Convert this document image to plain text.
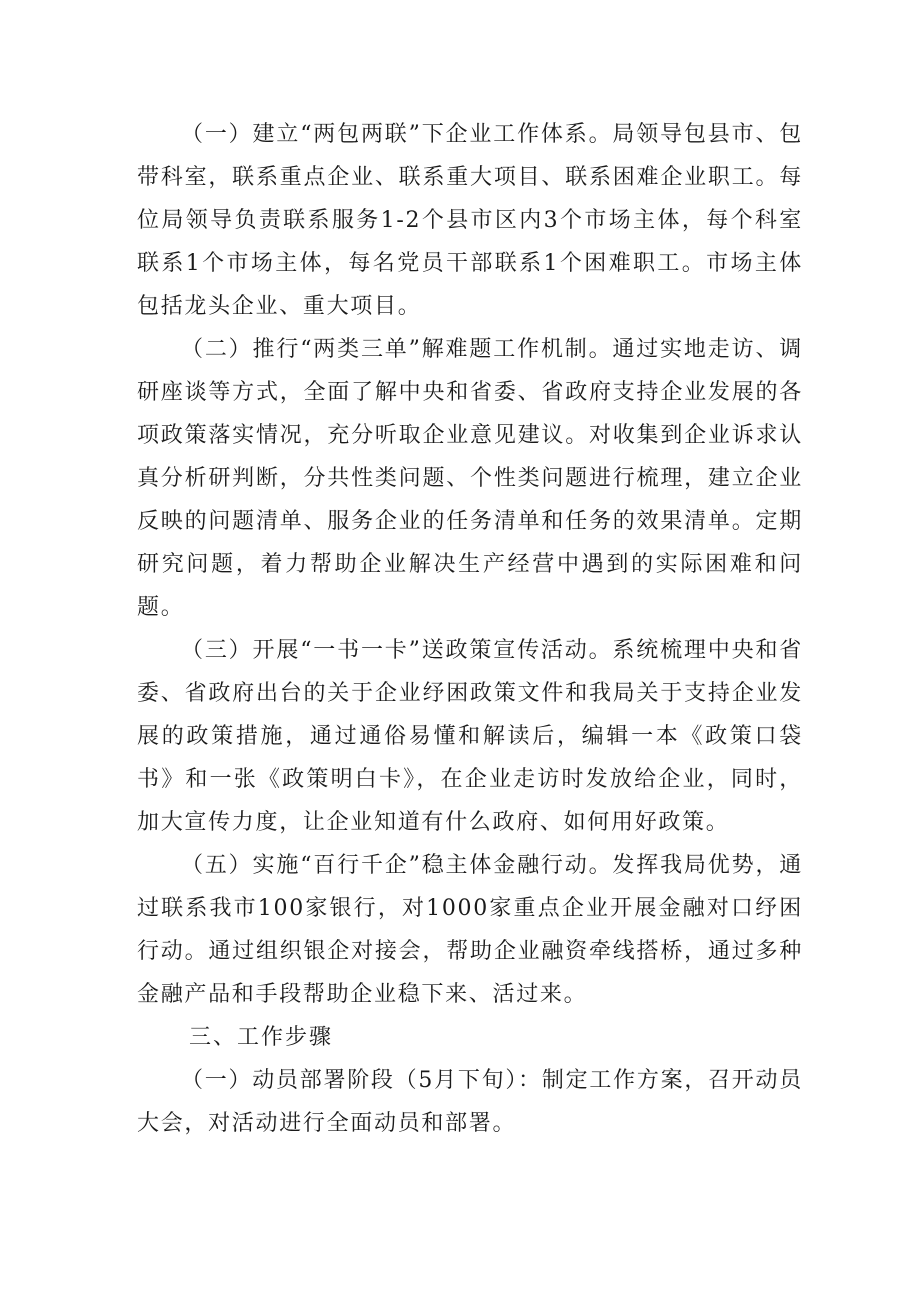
（一）建立“两包两联”下企业工作体系。局领导包县市、包带科室，联系重点企业、联系重大项目、联系困难企业职工。每位局领导负责联系服务1-2个县市区内3个市场主体，每个科室联系1个市场主体，每名党员干部联系1个困难职工。市场主体包括龙头企业、重大项目。

（二）推行“两类三单”解难题工作机制。通过实地走访、调研座谈等方式，全面了解中央和省委、省政府支持企业发展的各项政策落实情况，充分听取企业意见建议。对收集到企业诉求认真分析研判断，分共性类问题、个性类问题进行梳理，建立企业反映的问题清单、服务企业的任务清单和任务的效果清单。定期研究问题，着力帮助企业解决生产经营中遇到的实际困难和问题。

（三）开展“一书一卡”送政策宣传活动。系统梳理中央和省委、省政府出台的关于企业纾困政策文件和我局关于支持企业发展的政策措施，通过通俗易懂和解读后，编辑一本《政策口袋书》和一张《政策明白卡》，在企业走访时发放给企业，同时，加大宣传力度，让企业知道有什么政府、如何用好政策。

（五）实施“百行千企”稳主体金融行动。发挥我局优势，通过联系我市100家银行，对1000家重点企业开展金融对口纾困行动。通过组织银企对接会，帮助企业融资牵线搭桥，通过多种金融产品和手段帮助企业稳下来、活过来。

三、工作步骤

（一）动员部署阶段（5月下旬）：制定工作方案，召开动员大会，对活动进行全面动员和部署。
